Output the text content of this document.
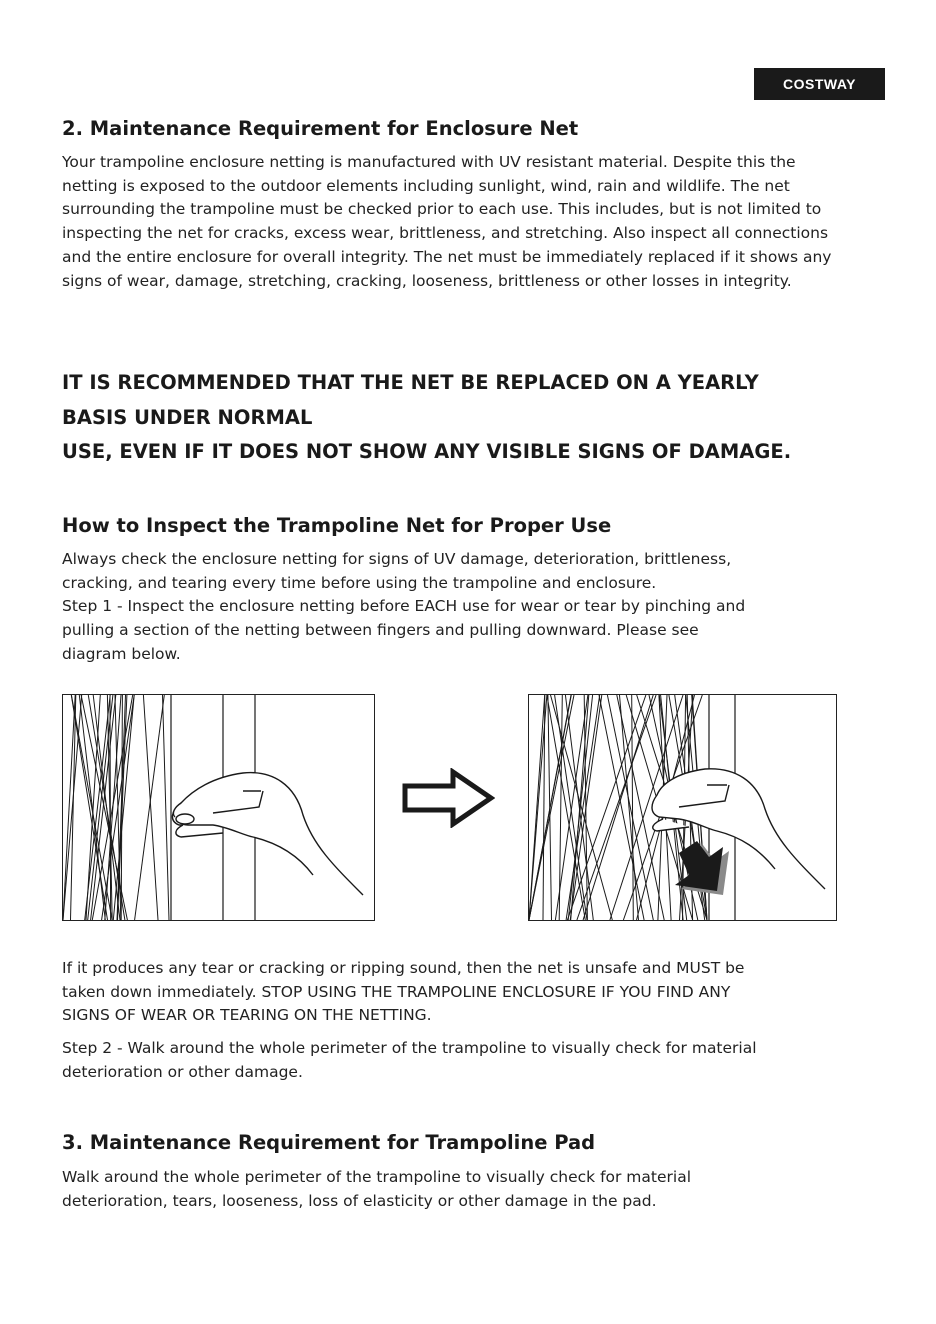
COSTWAY
2. Maintenance Requirement for Enclosure Net

Your trampoline enclosure netting is manufactured with UV resistant material. Despite this the netting is exposed to the outdoor elements including sunlight, wind, rain and wildlife. The net surrounding the trampoline must be checked prior to each use. This includes, but is not limited to inspecting the net for cracks, excess wear, brittleness, and stretching. Also inspect all connections and the entire enclosure for overall integrity. The net must be immediately replaced if it shows any signs of wear, damage, stretching, cracking, looseness, brittleness or other losses in integrity.

IT IS RECOMMENDED THAT THE NET BE REPLACED ON A YEARLY
BASIS UNDER NORMAL
USE, EVEN IF IT DOES NOT SHOW ANY VISIBLE SIGNS OF DAMAGE.
How to Inspect the Trampoline Net for Proper Use

Always check the enclosure netting for signs of UV damage, deterioration, brittleness,
cracking, and tearing every time before using the trampoline and enclosure.
Step 1 - Inspect the enclosure netting before EACH use for wear or tear by pinching and
pulling a section of the netting between fingers and pulling downward. Please see
diagram below.

If it produces any tear or cracking or ripping sound, then the net is unsafe and MUST be
taken down immediately. STOP USING THE TRAMPOLINE ENCLOSURE IF YOU FIND ANY
SIGNS OF WEAR OR TEARING ON THE NETTING.

Step 2 - Walk around the whole perimeter of the trampoline to visually check for material
deterioration or other damage.

3. Maintenance Requirement for Trampoline Pad

Walk around the whole perimeter of the trampoline to visually check for material
deterioration, tears, looseness, loss of elasticity or other damage in the pad.
